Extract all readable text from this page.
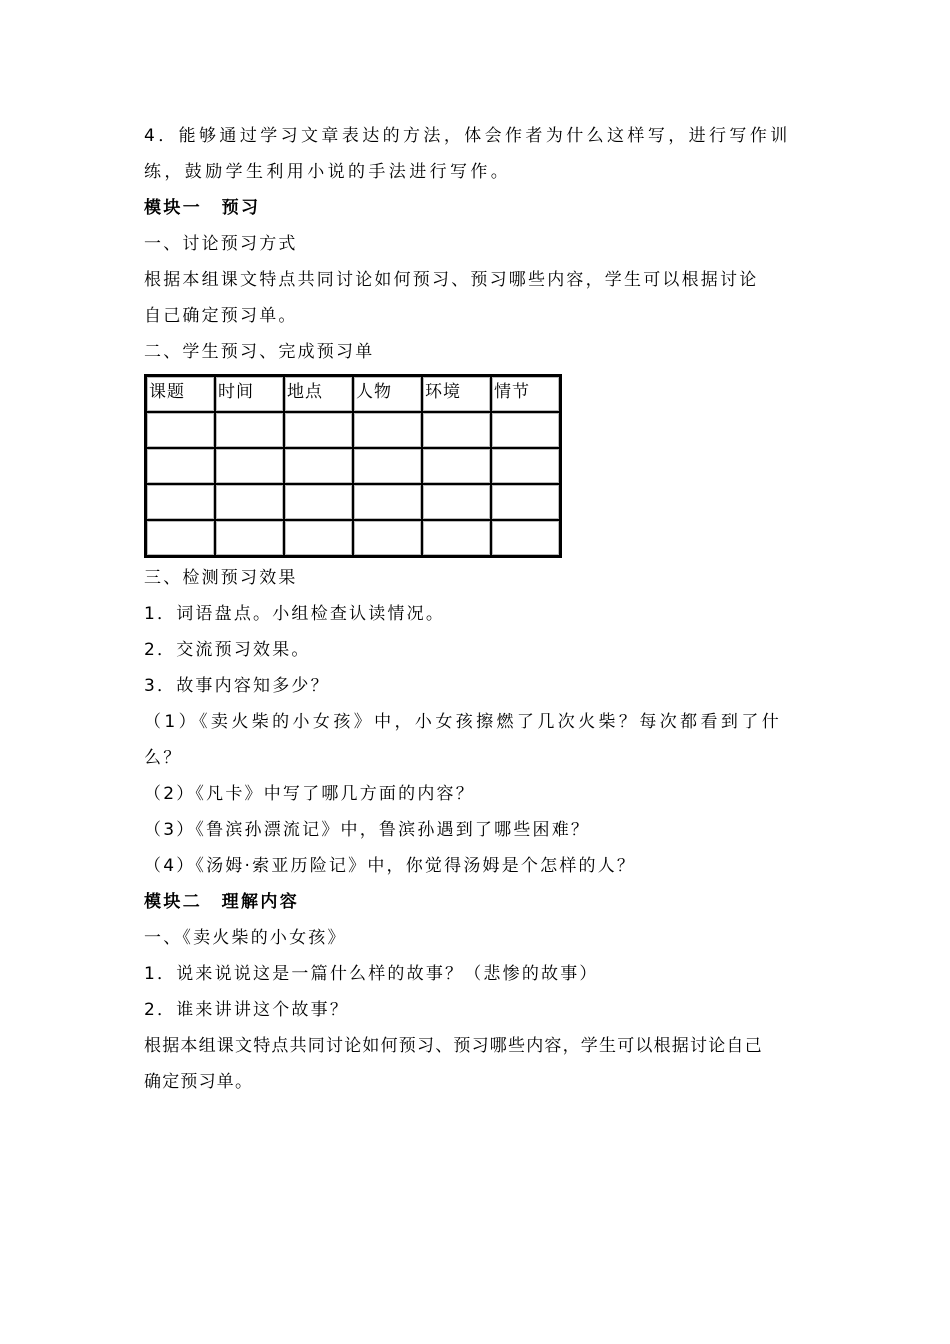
4．能够通过学习文章表达的方法，体会作者为什么这样写，进行写作训

练，鼓励学生利用小说的手法进行写作。

模块一　预习

一、讨论预习方式

根据本组课文特点共同讨论如何预习、预习哪些内容，学生可以根据讨论

自己确定预习单。

二、学生预习、完成预习单

课题	时间	地点	人物	环境	情节

三、检测预习效果

1．词语盘点。小组检查认读情况。

2．交流预习效果。

3．故事内容知多少？

（1）《卖火柴的小女孩》中，小女孩擦燃了几次火柴？每次都看到了什

么？

（2）《凡卡》中写了哪几方面的内容？

（3）《鲁滨孙漂流记》中，鲁滨孙遇到了哪些困难？

（4）《汤姆·索亚历险记》中，你觉得汤姆是个怎样的人？

模块二　理解内容

一、《卖火柴的小女孩》

1．说来说说这是一篇什么样的故事？（悲惨的故事）

2．谁来讲讲这个故事？

根据本组课文特点共同讨论如何预习、预习哪些内容，学生可以根据讨论自己

确定预习单。
